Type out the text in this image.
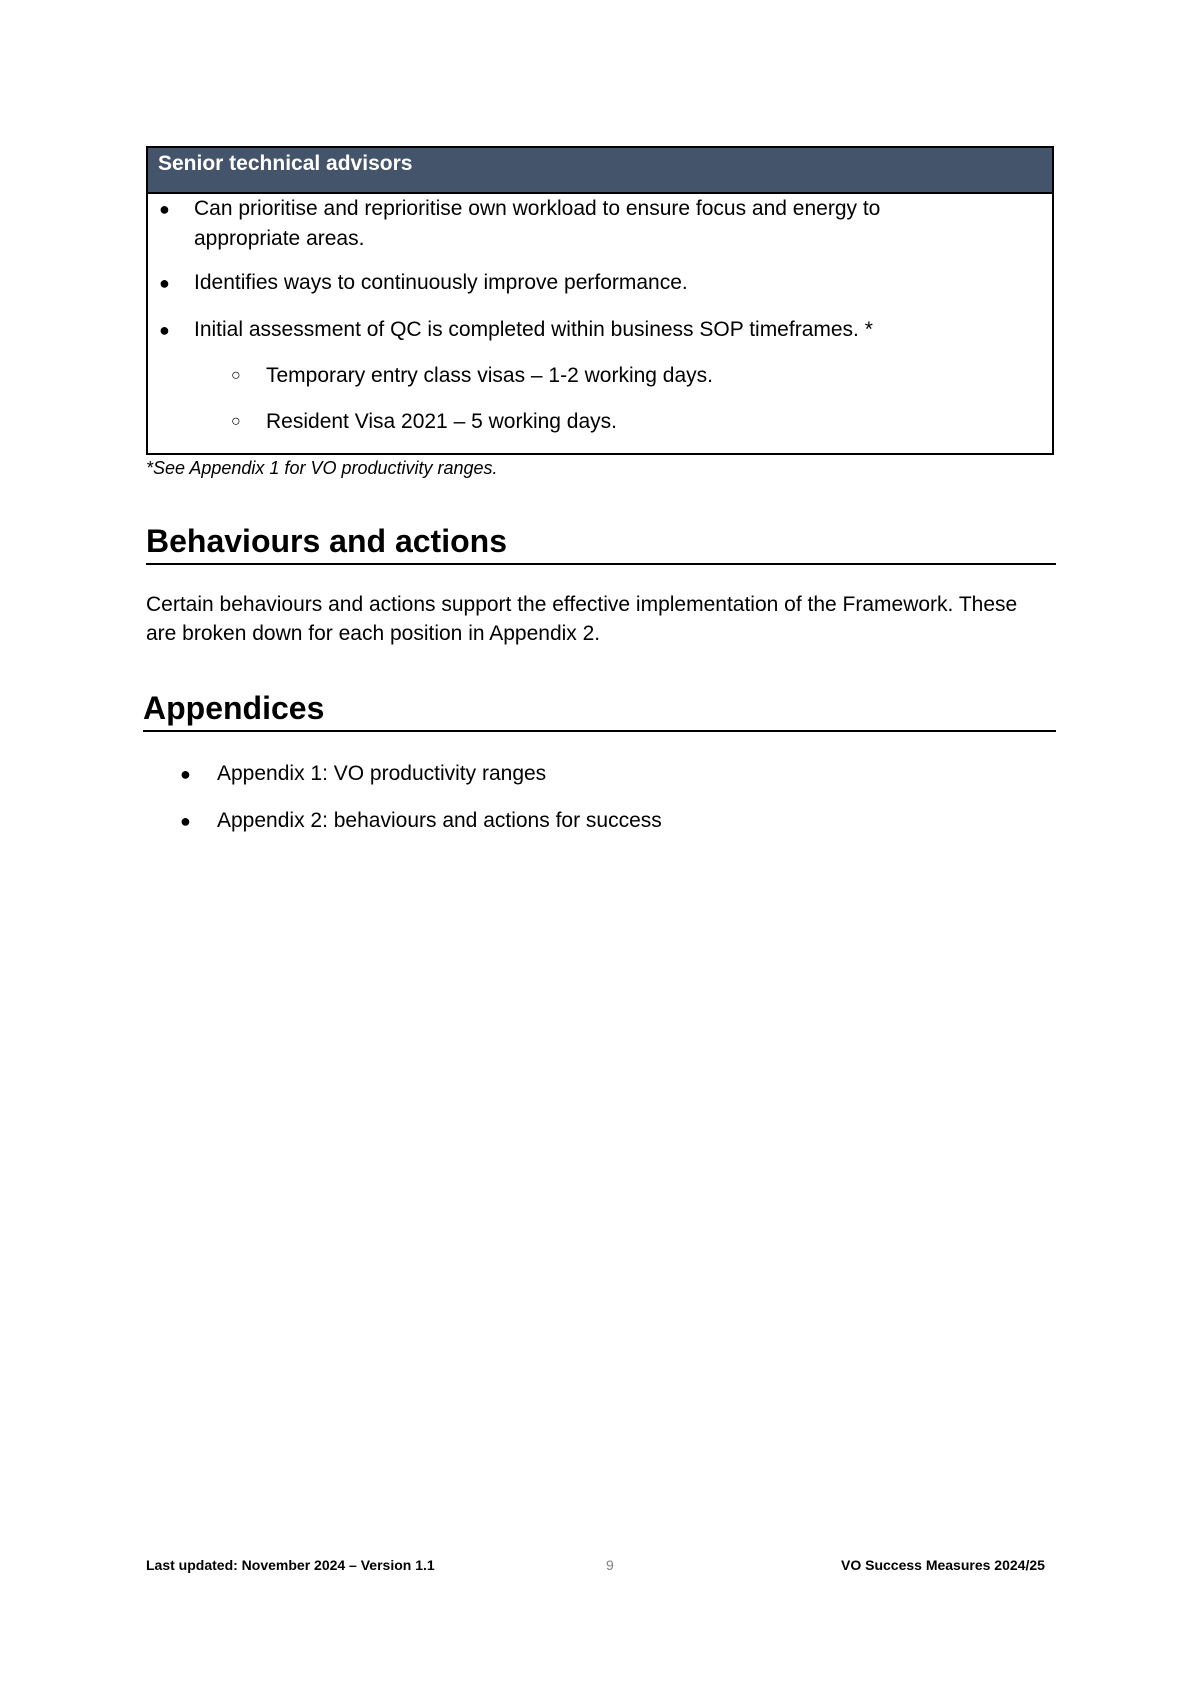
Senior technical advisors
● Can prioritise and reprioritise own workload to ensure focus and energy to appropriate areas.
● Identifies ways to continuously improve performance.
● Initial assessment of QC is completed within business SOP timeframes. *
○ Temporary entry class visas – 1-2 working days.
○ Resident Visa 2021 – 5 working days.
*See Appendix 1 for VO productivity ranges.
Behaviours and actions
Certain behaviours and actions support the effective implementation of the Framework. These are broken down for each position in Appendix 2.
Appendices
● Appendix 1: VO productivity ranges
● Appendix 2: behaviours and actions for success
Last updated: November 2024 – Version 1.1	9	VO Success Measures 2024/25
